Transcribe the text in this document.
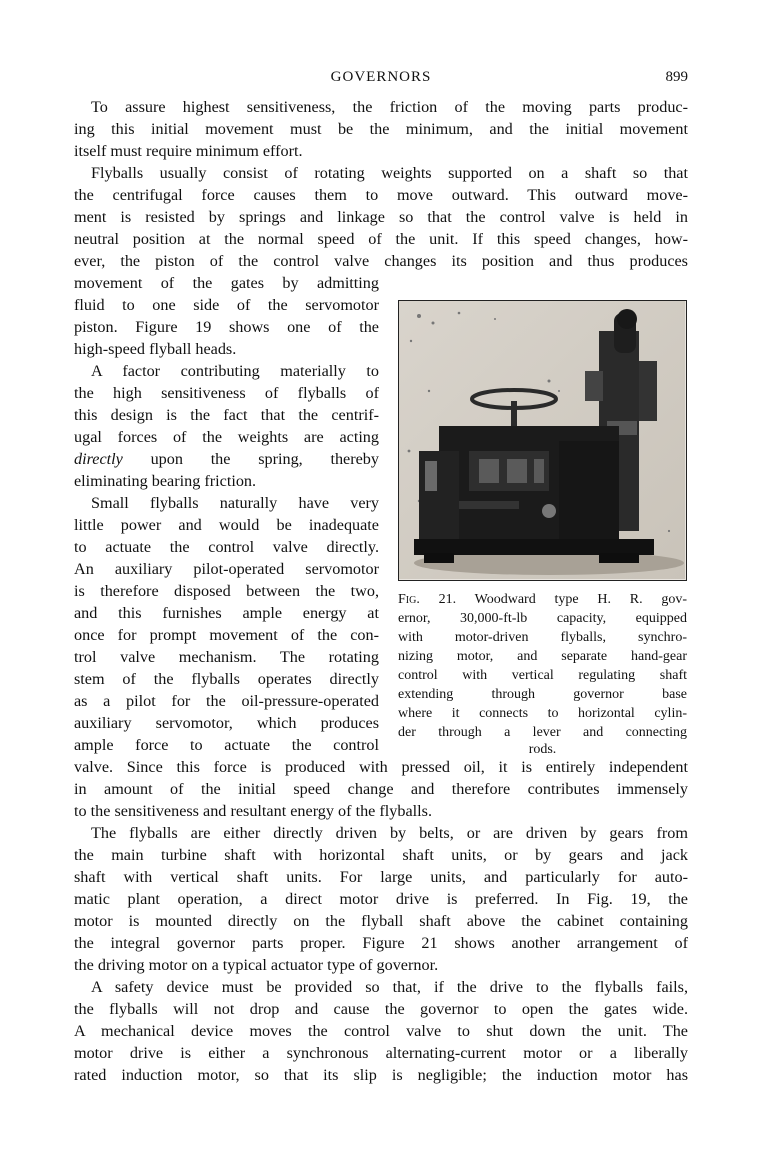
GOVERNORS	899
To assure highest sensitiveness, the friction of the moving parts produc-
ing this initial movement must be the minimum, and the initial movement
itself must require minimum effort.
Flyballs usually consist of rotating weights supported on a shaft so that
the centrifugal force causes them to move outward. This outward move-
ment is resisted by springs and linkage so that the control valve is held in
neutral position at the normal speed of the unit. If this speed changes, how-
ever, the piston of the control valve changes its position and thus produces
movement of the gates by admitting
fluid to one side of the servomotor
piston. Figure 19 shows one of the
high-speed flyball heads.
A factor contributing materially to
the high sensitiveness of flyballs of
this design is the fact that the centrif-
ugal forces of the weights are acting
directly upon the spring, thereby
eliminating bearing friction.
Small flyballs naturally have very
little power and would be inadequate
to actuate the control valve directly.
An auxiliary pilot-operated servomotor
is therefore disposed between the two,
and this furnishes ample energy at
once for prompt movement of the con-
trol valve mechanism. The rotating
stem of the flyballs operates directly
as a pilot for the oil-pressure-operated
auxiliary servomotor, which produces
ample force to actuate the control
valve. Since this force is produced with pressed oil, it is entirely independent
in amount of the initial speed change and therefore contributes immensely
to the sensitiveness and resultant energy of the flyballs.
The flyballs are either directly driven by belts, or are driven by gears from
the main turbine shaft with horizontal shaft units, or by gears and jack
shaft with vertical shaft units. For large units, and particularly for auto-
matic plant operation, a direct motor drive is preferred. In Fig. 19, the
motor is mounted directly on the flyball shaft above the cabinet containing
the integral governor parts proper. Figure 21 shows another arrangement of
the driving motor on a typical actuator type of governor.
A safety device must be provided so that, if the drive to the flyballs fails,
the flyballs will not drop and cause the governor to open the gates wide.
A mechanical device moves the control valve to shut down the unit. The
motor drive is either a synchronous alternating-current motor or a liberally
rated induction motor, so that its slip is negligible; the induction motor has
Fig. 21. Woodward type H. R. gov-
ernor, 30,000-ft-lb capacity, equipped
with motor-driven flyballs, synchro-
nizing motor, and separate hand-gear
control with vertical regulating shaft
extending through governor base
where it connects to horizontal cylin-
der through a lever and connecting
rods.
